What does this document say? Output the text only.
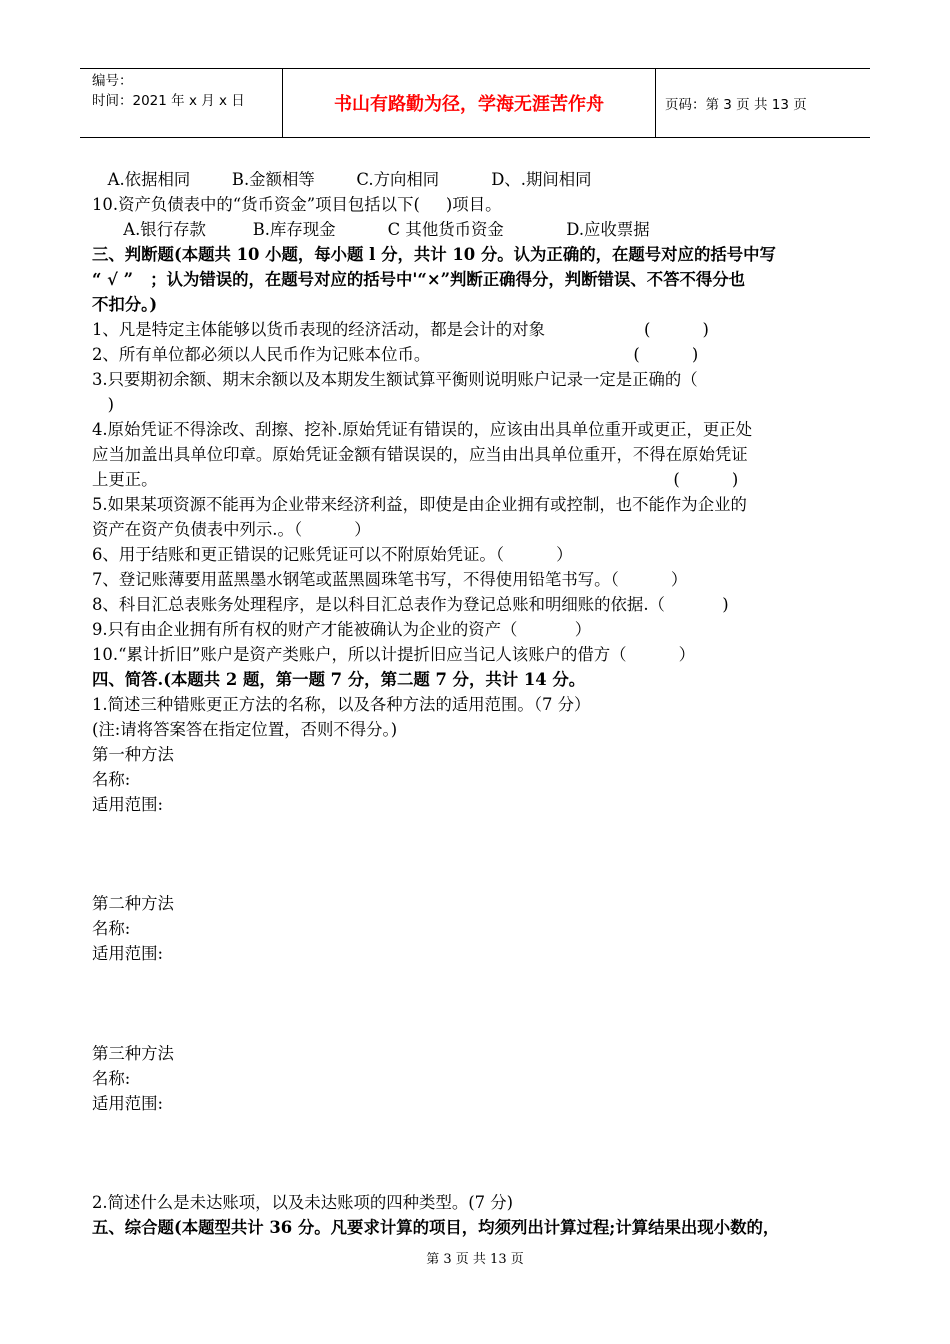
编号：
时间：2021 年 x 月 x 日	书山有路勤为径，学海无涯苦作舟	页码：第 3 页 共 13 页
A.依据相同        B.金额相等        C.方向相同          D、.期间相同
10.资产负债表中的“货币资金”项目包括以下(     )项目。
A.银行存款         B.库存现金          C 其他货币资金            D.应收票据
三、判断题(本题共 10 小题，每小题 l 分，共计 10 分。认为正确的，在题号对应的括号中写
“ √ ”   ；认为错误的，在题号对应的括号中'“×”判断正确得分，判断错误、不答不得分也
不扣分。)
1、凡是特定主体能够以货币表现的经济活动，都是会计的对象                   (          )
2、所有单位都必须以人民币作为记账本位币。                                       (          )
3.只要期初余额、期末余额以及本期发生额试算平衡则说明账户记录一定是正确的（
)
4.原始凭证不得涂改、刮擦、挖补.原始凭证有错误的，应该由出具单位重开或更正，更正处
应当加盖出具单位印章。原始凭证金额有错误误的，应当由出具单位重开，不得在原始凭证
上更正。                                                                                                   (          )
5.如果某项资源不能再为企业带来经济利益，即使是由企业拥有或控制，也不能作为企业的
资产在资产负债表中列示.。（          ）
6、用于结账和更正错误的记账凭证可以不附原始凭证。（          ）
7、登记账薄要用蓝黑墨水钢笔或蓝黑圆珠笔书写，不得使用铅笔书写。（          ）
8、科目汇总表账务处理程序，是以科目汇总表作为登记总账和明细账的依据.（           )
9.只有由企业拥有所有权的财产才能被确认为企业的资产（           ）
10.“累计折旧”账户是资产类账户，所以计提折旧应当记人该账户的借方（          ）
四、简答.(本题共 2 题，第一题 7 分，第二题 7 分，共计 14 分。
1.简述三种错账更正方法的名称，以及各种方法的适用范围。（7 分）
(注:请将答案答在指定位置，否则不得分。)
第一种方法
名称:
适用范围:
第二种方法
名称:
适用范围:
第三种方法
名称:
适用范围:
2.简述什么是未达账项，以及未达账项的四种类型。(7 分)
五、综合题(本题型共计 36 分。凡要求计算的项目，均须列出计算过程;计算结果出现小数的，
第 3 页 共 13 页
